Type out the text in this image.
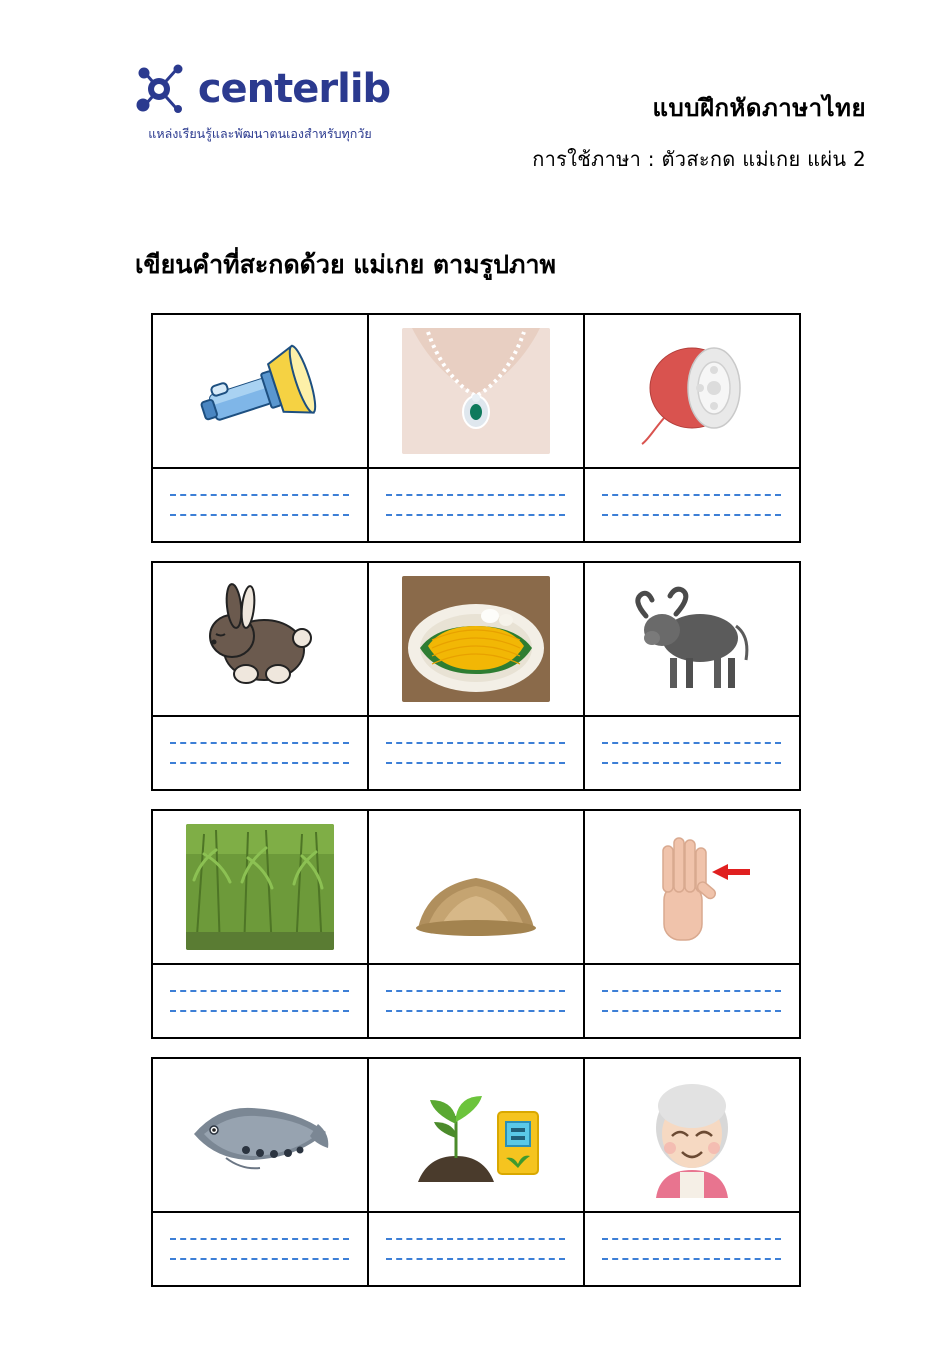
centerlib
แหล่งเรียนรู้และพัฒนาตนเองสำหรับทุกวัย
แบบฝึกหัดภาษาไทย
การใช้ภาษา : ตัวสะกด แม่เกย แผ่น 2
เขียนคำที่สะกดด้วย แม่เกย ตามรูปภาพ
